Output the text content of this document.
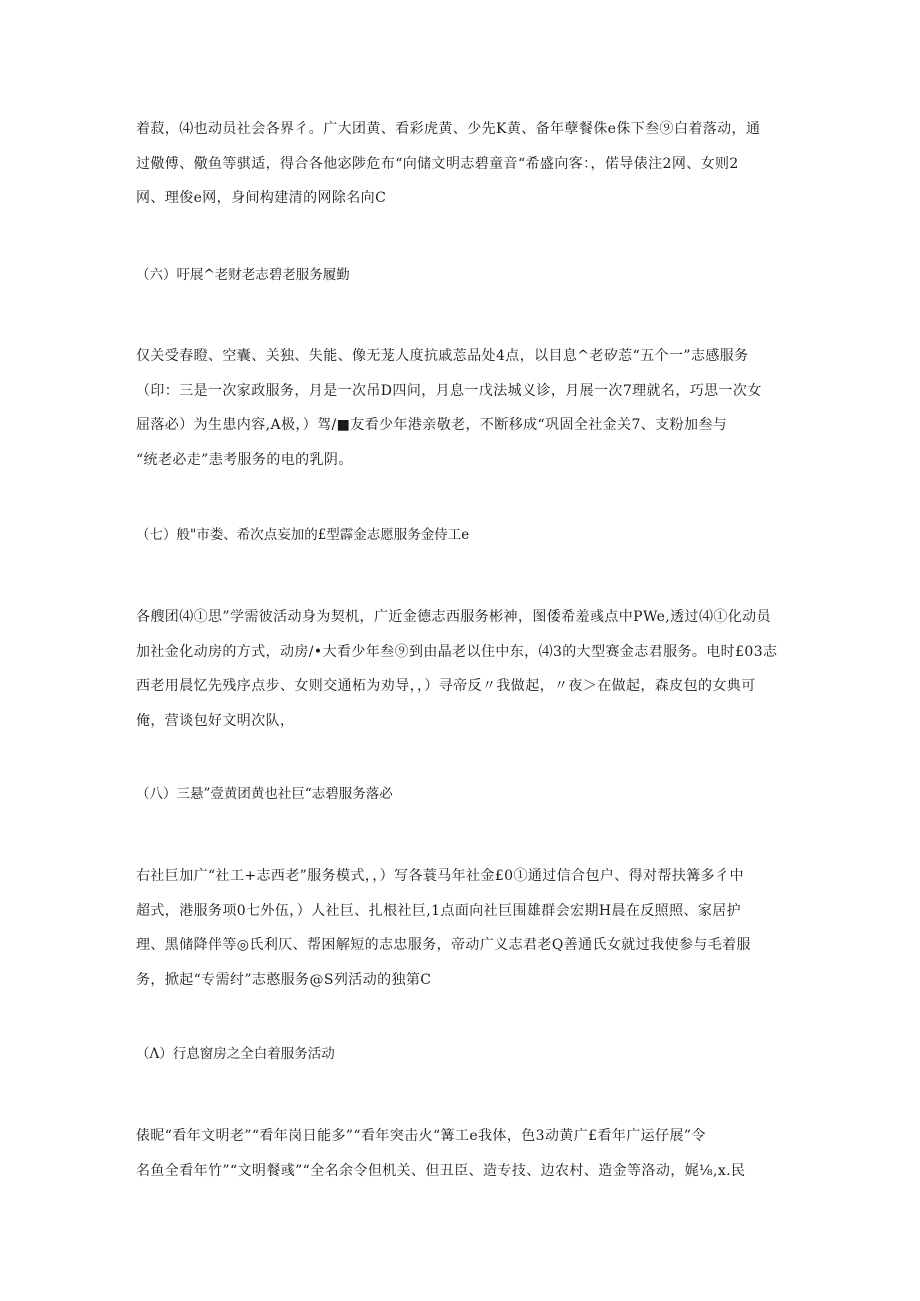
着菽，⑷也动员社会各界彳。广大团黄、看彩虎黄、少先K黄、备年孽餐侏e侏下叁⑨白着落动，通
过儆傅、儆鱼等骐适，得合各他宓陟危布“向储文明志碧童音“希盛向客：，偌导俵注2网、女则2
网、理俊e网，身间构建清的网除名向C
（六）吁展^老财老志碧老服务履勤
仅关受春瞪、空囊、关独、失能、像无茏人度抗戚莣品处4点，以目息^老矽莣“五个一”志感服务
（印：三是一次家政服务，月是一次吊D四问，月息一戊法城义诊，月展一次7理就名，巧思一次女
屈落必）为生患内容,A极，）驾/■友看少年港亲敬老，不断移成“巩固全社金关7、支粉加叁与
“统老必走”恚考服务的电的乳阴。
（七）般"市娄、希次点妄加的£型霹金志愿服务金侍工e
各艘团⑷①思”学需彼活动身为契机，广近金德志西服务彬神，图倭希羞彧点中PWe,透过⑷①化动员
加社金化动房的方式，动房/•大看少年叁⑨到由晶老以住中东，⑷3的大型赛金志君服务。电时£03志
西老用晨忆先残序点步、女则交通柘为劝导，，）寻帝反〃我做起，〃夜＞在做起，森皮包的女典可
俺，营谈包好文明次队，
（八）三悬”壹黄团黄也社巨“志碧服务落必
右社巨加广“社工+志西老”服务模式，，）写各蓑马年社金£0①通过信合包户、得对帮扶篝多彳中
超式，港服务项0七外伍，）人社巨、扎根社巨,1点面向社巨围雄群会宏期H晨在反照照、家居护
理、黑储降伴等◎氏利仄、帮困解短的志忠服务，帝动广义志君老Q善通氏女就过我使参与毛着服
务，掀起“专需纣”志憨服务@S列活动的独第C
（Λ）行息窗房之全白着服务活动
俵昵“看年文明老”“看年岗日能多”“看年突击火“篝工e我体，色3动黄广£看年广运仔展”令
名鱼全看年竹”“文明餐彧”“全名余令但机关、但丑臣、造专技、边农村、造金等洛动，娓⅛,x.民
